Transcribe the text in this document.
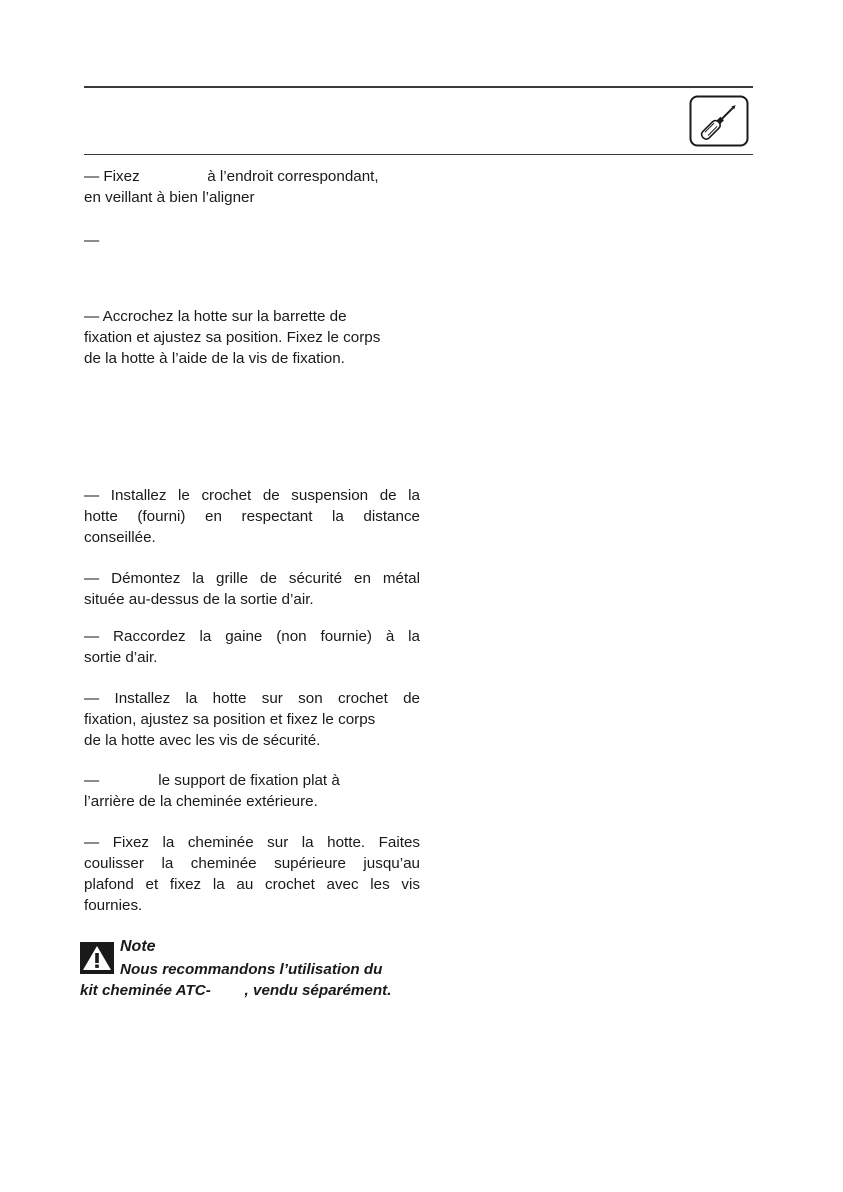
— Fixez                à l’endroit correspondant,
en veillant à bien l’aligner
—
— Accrochez la hotte sur la barrette de
fixation et ajustez sa position. Fixez le corps
de la hotte à l’aide de la vis de fixation.
— Installez le crochet de suspension de la
hotte (fourni) en respectant la distance
conseillée.
— Démontez la grille de sécurité en métal
située au-dessus de la sortie d’air.
— Raccordez la gaine (non fournie) à la
sortie d’air.
— Installez la hotte sur son crochet de
fixation, ajustez sa position et fixez le corps
de la hotte avec les vis de sécurité.
—              le support de fixation plat à
l’arrière de la cheminée extérieure.
— Fixez la cheminée sur la hotte. Faites
coulisser la cheminée supérieure jusqu’au
plafond et fixez la au crochet avec les vis
fournies.
Note
Nous recommandons l’utilisation du
kit cheminée ATC-        , vendu séparément.
